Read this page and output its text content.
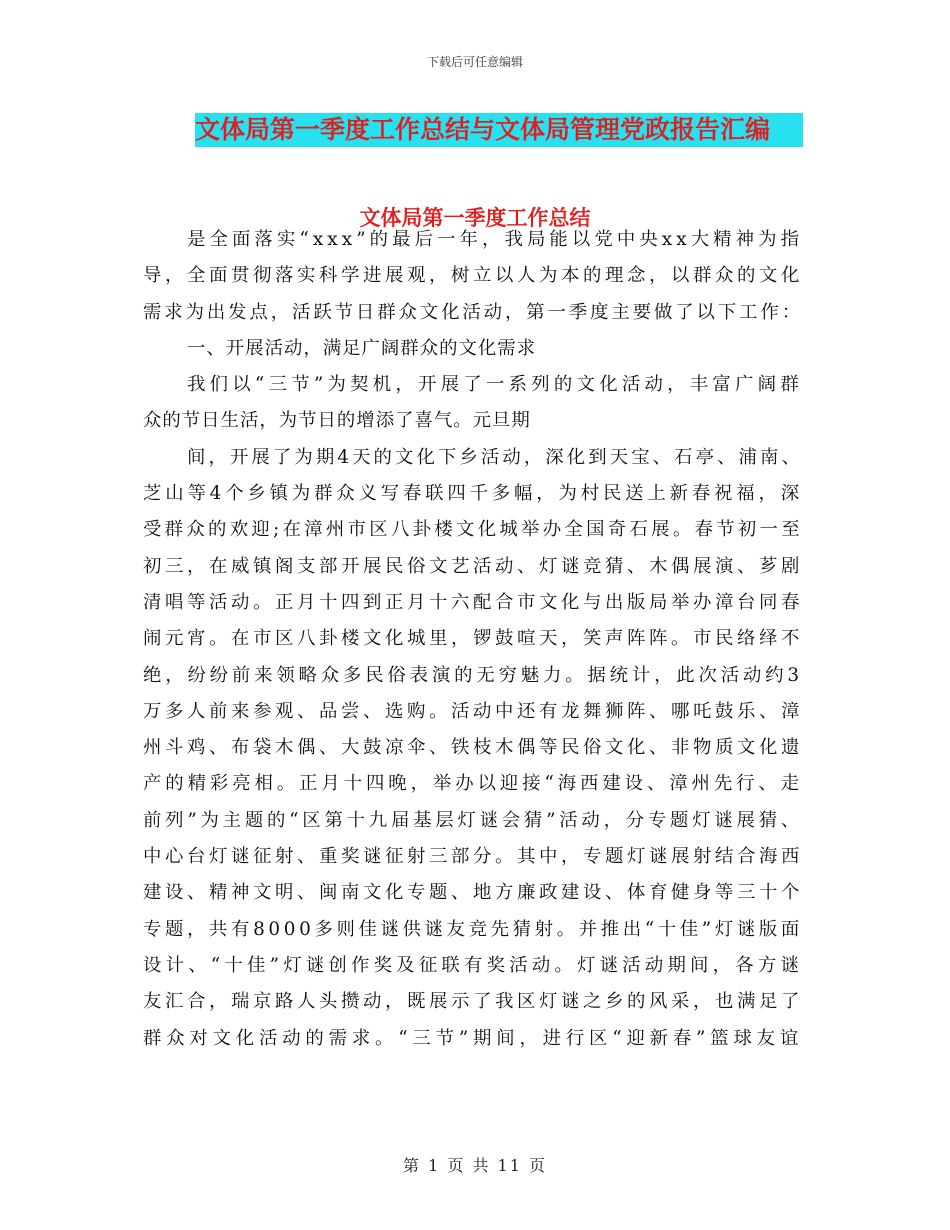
下载后可任意编辑
文体局第一季度工作总结与文体局管理党政报告汇编
文体局第一季度工作总结
是全面落实“xxx”的最后一年，我局能以党中央xx大精神为指
导，全面贯彻落实科学进展观，树立以人为本的理念，以群众的文化
需求为出发点，活跃节日群众文化活动，第一季度主要做了以下工作：
一、开展活动，满足广阔群众的文化需求
我们以“三节”为契机，开展了一系列的文化活动，丰富广阔群
众的节日生活，为节日的增添了喜气。元旦期
间，开展了为期4天的文化下乡活动，深化到天宝、石亭、浦南、
芝山等4个乡镇为群众义写春联四千多幅，为村民送上新春祝福，深
受群众的欢迎;在漳州市区八卦楼文化城举办全国奇石展。春节初一至
初三，在威镇阁支部开展民俗文艺活动、灯谜竞猜、木偶展演、芗剧
清唱等活动。正月十四到正月十六配合市文化与出版局举办漳台同春
闹元宵。在市区八卦楼文化城里，锣鼓喧天，笑声阵阵。市民络绎不
绝，纷纷前来领略众多民俗表演的无穷魅力。据统计，此次活动约3
万多人前来参观、品尝、选购。活动中还有龙舞狮阵、哪吒鼓乐、漳
州斗鸡、布袋木偶、大鼓凉伞、铁枝木偶等民俗文化、非物质文化遗
产的精彩亮相。正月十四晚，举办以迎接“海西建设、漳州先行、走
前列”为主题的“区第十九届基层灯谜会猜”活动，分专题灯谜展猜、
中心台灯谜征射、重奖谜征射三部分。其中，专题灯谜展射结合海西
建设、精神文明、闽南文化专题、地方廉政建设、体育健身等三十个
专题，共有8000多则佳谜供谜友竞先猜射。并推出“十佳”灯谜版面
设计、“十佳”灯谜创作奖及征联有奖活动。灯谜活动期间，各方谜
友汇合，瑞京路人头攒动，既展示了我区灯谜之乡的风采，也满足了
群众对文化活动的需求。“三节”期间，进行区“迎新春”篮球友谊
第 1 页 共 11 页
